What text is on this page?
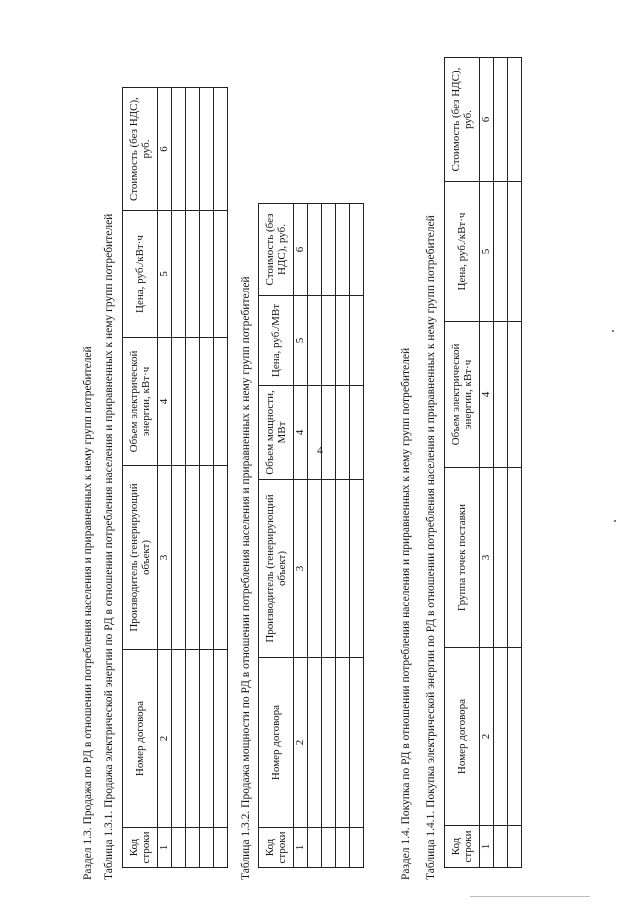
4
Раздел 1.3. Продажа по РД в отношении потребления населения и приравненных к нему групп потребителей Таблица 1.3.1. Продажа электрической энергии по РД в отношении потребления населения и приравненных к нему групп потребителей Код строки	Номер договора	Производитель (генерирующий объект)	Объем электрической энергии, кВт·ч	Цена, руб./кВт·ч	Стоимость (без НДС), руб.
1	2	3	4	5	6

Таблица 1.3.2. Продажа мощности по РД в отношении потребления населения и приравненных к нему групп потребителей Код строки	Номер договора	Производитель (генерирующий объект)	Объем мощности, МВт	Цена, руб./МВт	Стоимость (без НДС), руб.
1	2	3	4	5	6

Раздел 1.4. Покупка по РД в отношении потребления населения и приравненных к нему групп потребителей Таблица 1.4.1. Покупка электрической энергии по РД в отношении потребления населения и приравненных к нему групп потребителей Код строки	Номер договора	Группа точек поставки	Объем электрической энергии, кВт·ч	Цена, руб./кВт·ч	Стоимость (без НДС), руб.
1	2	3	4	5	6
